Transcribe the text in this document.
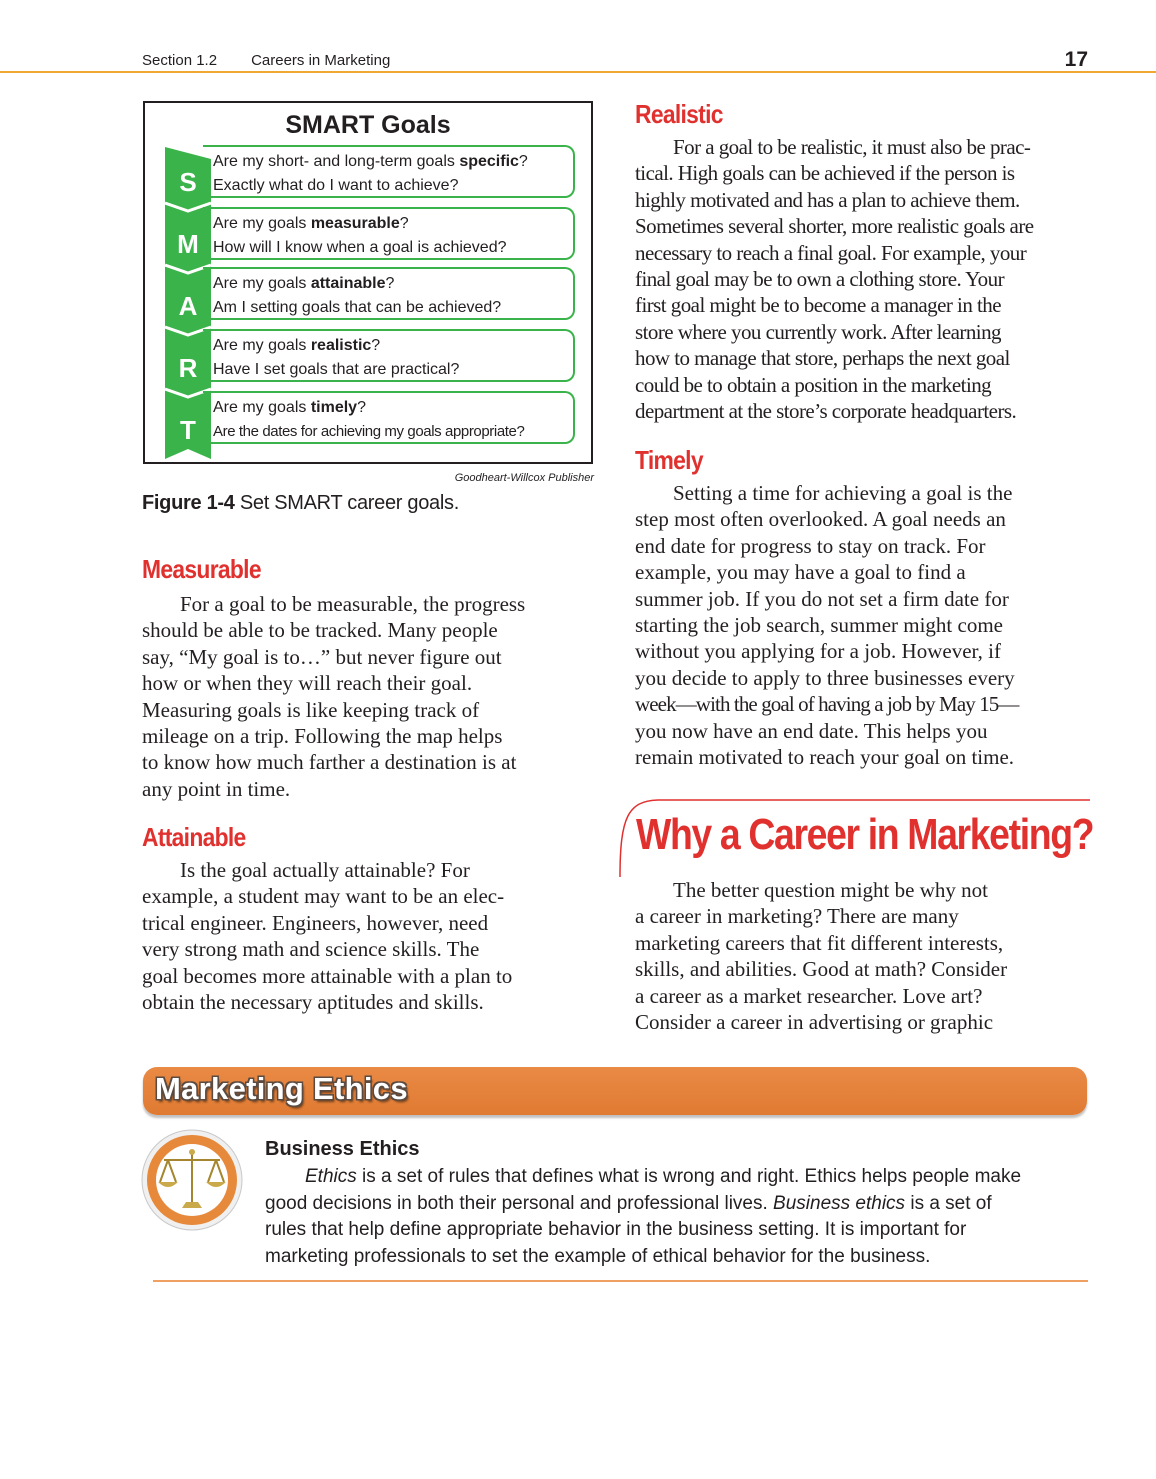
Section 1.2 Careers in Marketing	17
SMART Goals
S
M
A
R
T
Are my short- and long-term goals specific?
Exactly what do I want to achieve?
Are my goals measurable?
How will I know when a goal is achieved?
Are my goals attainable?
Am I setting goals that can be achieved?
Are my goals realistic?
Have I set goals that are practical?
Are my goals timely?
Are the dates for achieving my goals appropriate?
Goodheart-Willcox Publisher
Figure 1-4 Set SMART career goals.
Measurable
For a goal to be measurable, the progress
should be able to be tracked. Many people
say, “My goal is to…” but never figure out
how or when they will reach their goal.
Measuring goals is like keeping track of
mileage on a trip. Following the map helps
to know how much farther a destination is at
any point in time.
Attainable
Is the goal actually attainable? For
example, a student may want to be an elec-
trical engineer. Engineers, however, need
very strong math and science skills. The
goal becomes more attainable with a plan to
obtain the necessary aptitudes and skills.
Realistic
For a goal to be realistic, it must also be prac-
tical. High goals can be achieved if the person is
highly motivated and has a plan to achieve them.
Sometimes several shorter, more realistic goals are
necessary to reach a final goal. For example, your
final goal may be to own a clothing store. Your
first goal might be to become a manager in the
store where you currently work. After learning
how to manage that store, perhaps the next goal
could be to obtain a position in the marketing
department at the store’s corporate headquarters.
Timely
Setting a time for achieving a goal is the
step most often overlooked. A goal needs an
end date for progress to stay on track. For
example, you may have a goal to find a
summer job. If you do not set a firm date for
starting the job search, summer might come
without you applying for a job. However, if
you decide to apply to three businesses every
week—with the goal of having a job by May 15—
you now have an end date. This helps you
remain motivated to reach your goal on time.
Why a Career in Marketing?
The better question might be why not
a career in marketing? There are many
marketing careers that fit different interests,
skills, and abilities. Good at math? Consider
a career as a market researcher. Love art?
Consider a career in advertising or graphic
Marketing Ethics
Business Ethics
Ethics is a set of rules that defines what is wrong and right. Ethics helps people make
good decisions in both their personal and professional lives. Business ethics is a set of
rules that help define appropriate behavior in the business setting. It is important for
marketing professionals to set the example of ethical behavior for the business.
